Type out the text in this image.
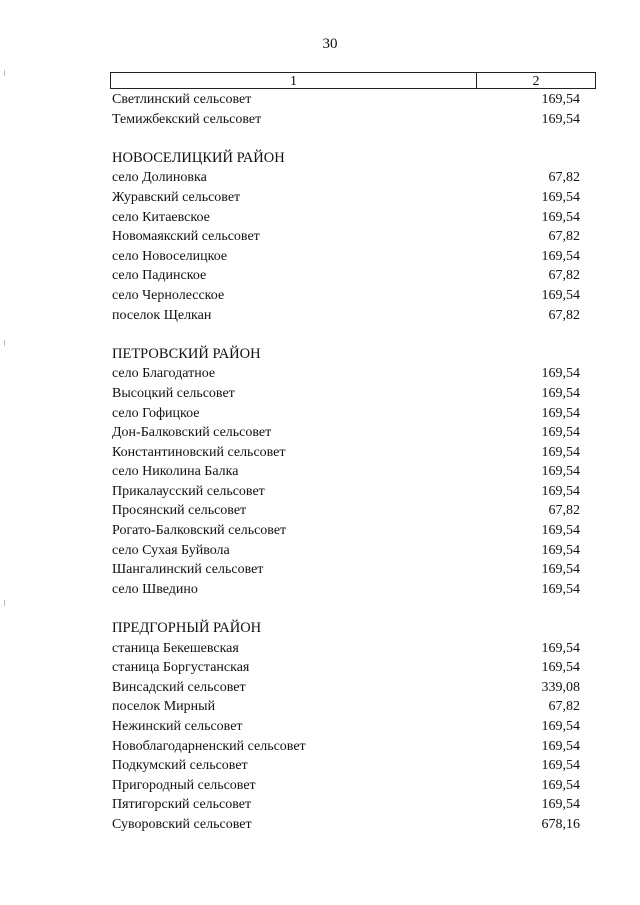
30
1	2
Светлинский сельсовет	169,54
Темижбекский сельсовет	169,54
НОВОСЕЛИЦКИЙ РАЙОН
село Долиновка	67,82
Журавский сельсовет	169,54
село Китаевское	169,54
Новомаякский сельсовет	67,82
село Новоселицкое	169,54
село Падинское	67,82
село Чернолесское	169,54
поселок Щелкан	67,82
ПЕТРОВСКИЙ РАЙОН
село Благодатное	169,54
Высоцкий сельсовет	169,54
село Гофицкое	169,54
Дон-Балковский сельсовет	169,54
Константиновский сельсовет	169,54
село Николина Балка	169,54
Прикалаусский сельсовет	169,54
Просянский сельсовет	67,82
Рогато-Балковский сельсовет	169,54
село Сухая Буйвола	169,54
Шангалинский сельсовет	169,54
село Шведино	169,54
ПРЕДГОРНЫЙ РАЙОН
станица Бекешевская	169,54
станица Боргустанская	169,54
Винсадский сельсовет	339,08
поселок Мирный	67,82
Нежинский сельсовет	169,54
Новоблагодарненский сельсовет	169,54
Подкумский сельсовет	169,54
Пригородный сельсовет	169,54
Пятигорский сельсовет	169,54
Суворовский сельсовет	678,16
